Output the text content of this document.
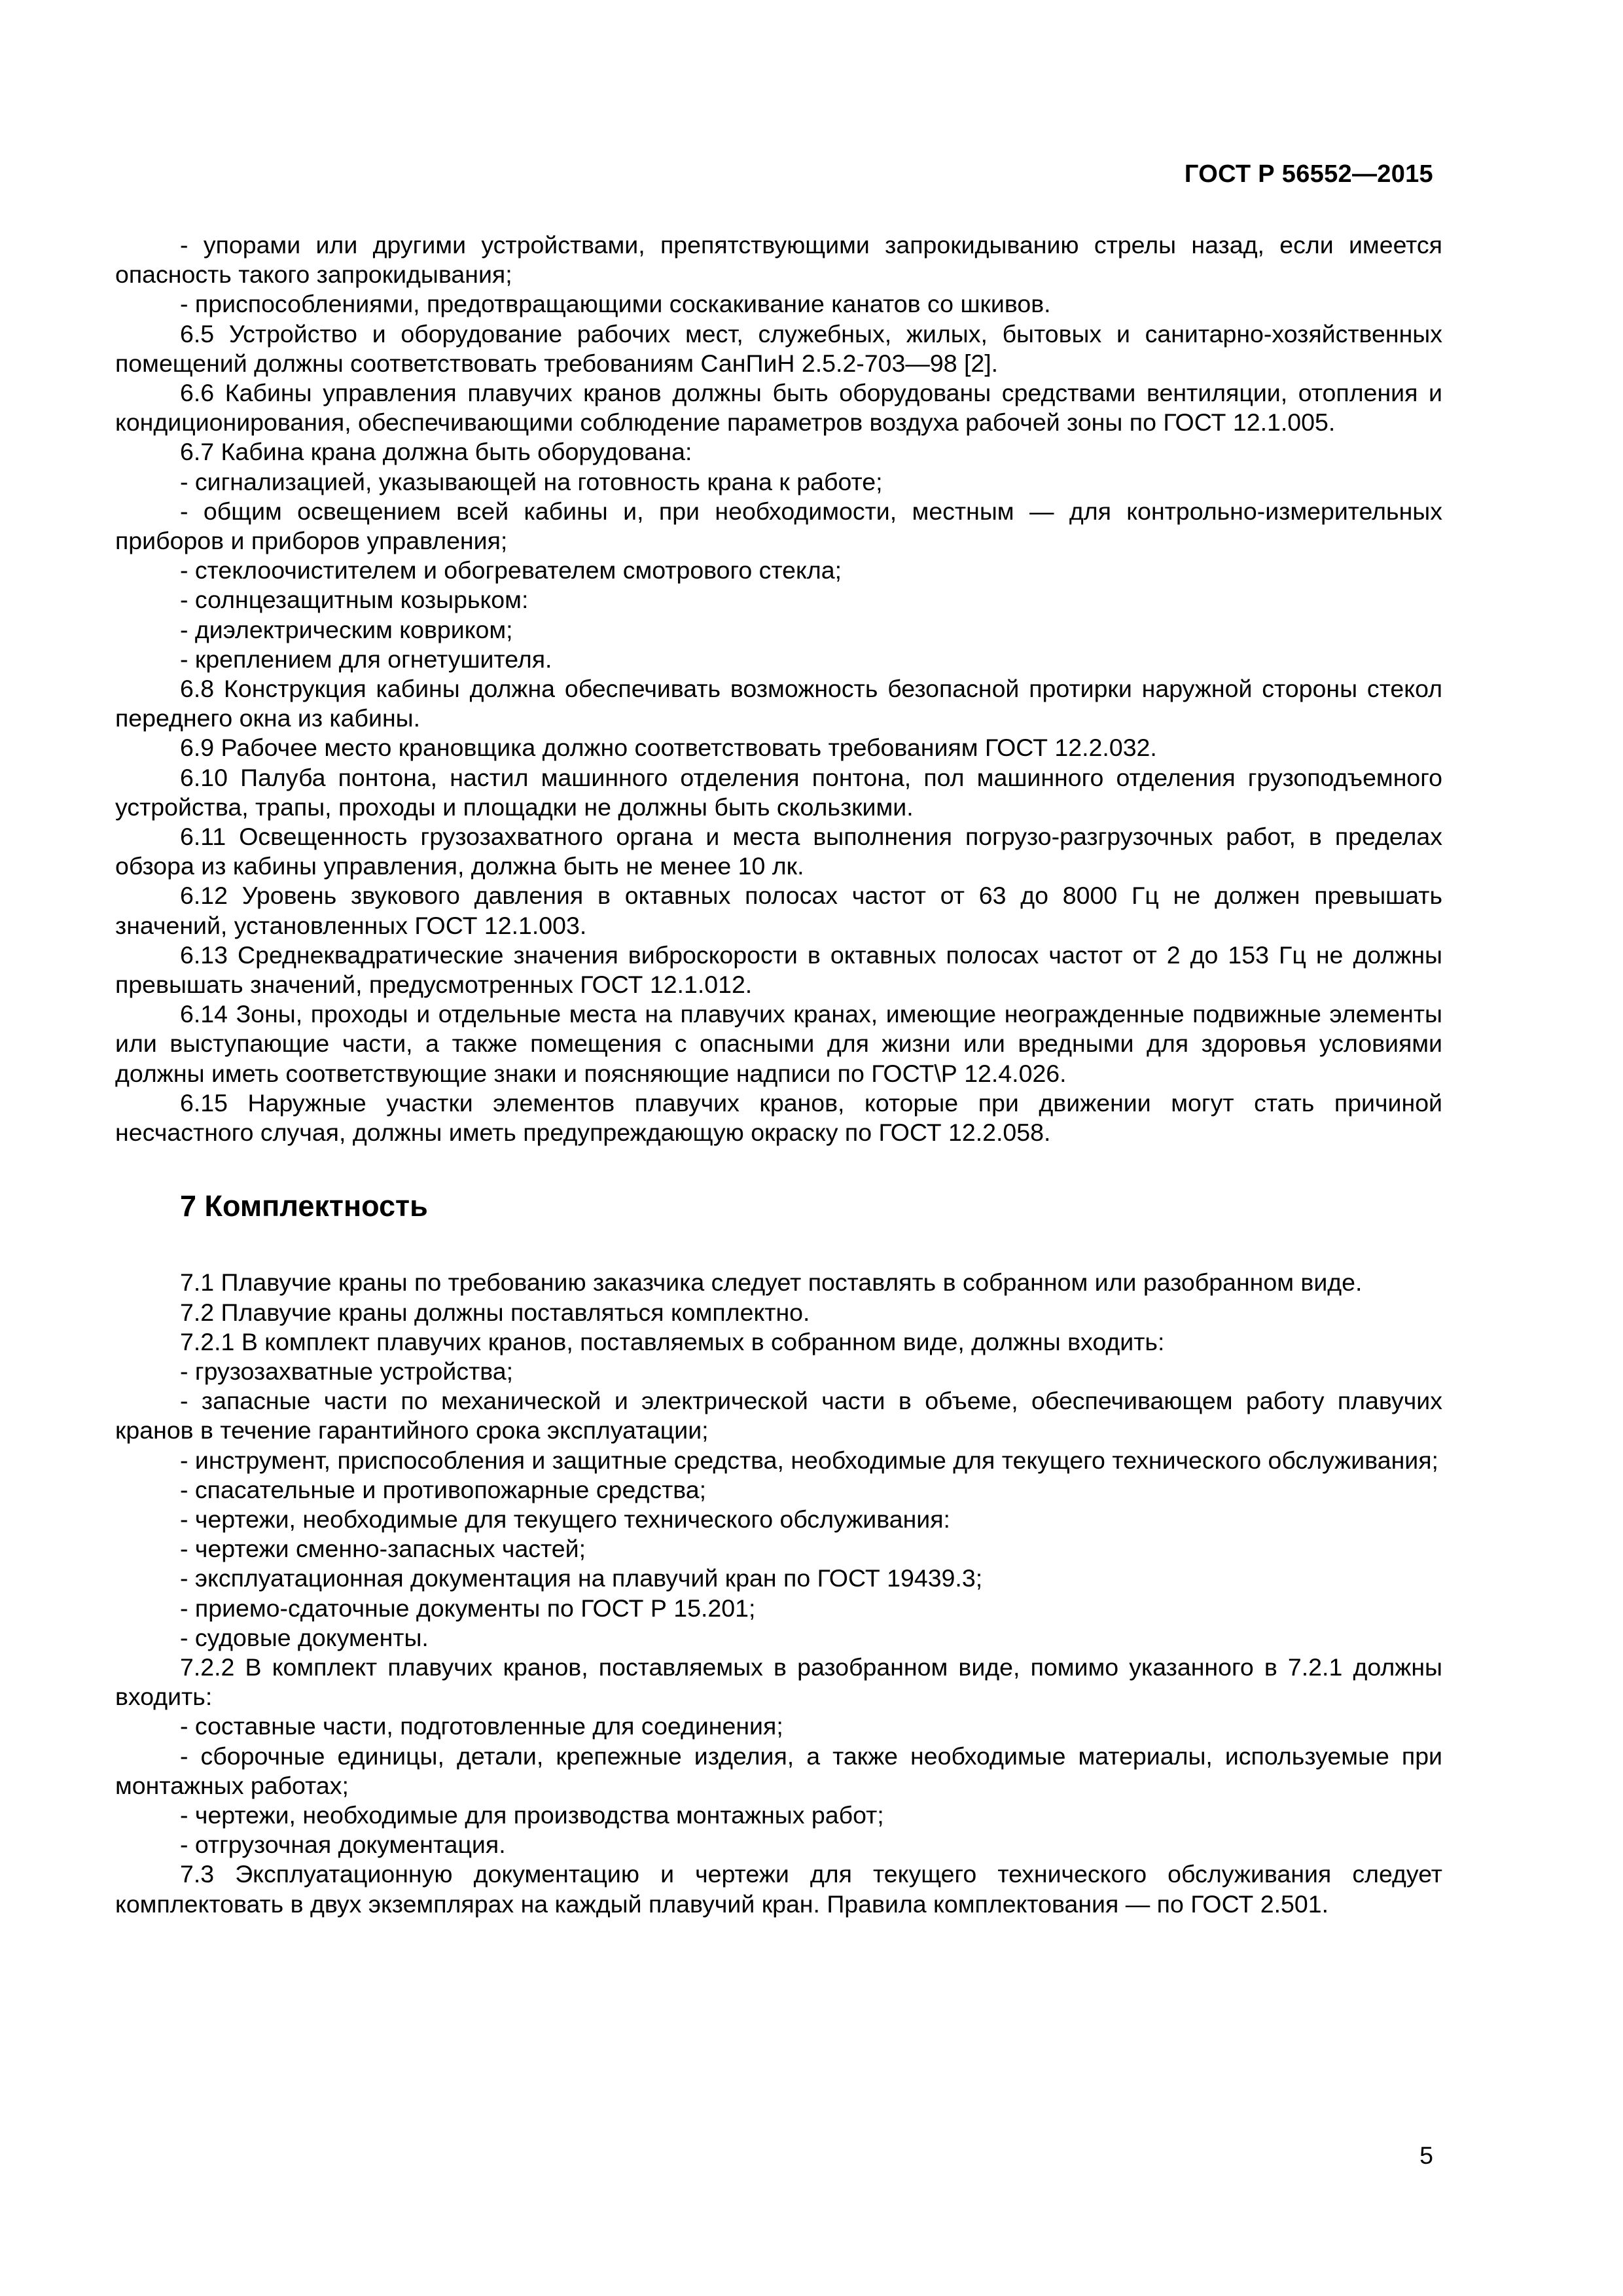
ГОСТ Р 56552—2015

- упорами или другими устройствами, препятствующими запрокидыванию стрелы назад, если имеется опасность такого запрокидывания;

- приспособлениями, предотвращающими соскакивание канатов со шкивов.

6.5 Устройство и оборудование рабочих мест, служебных, жилых, бытовых и санитарно-хозяйственных помещений должны соответствовать требованиям СанПиН 2.5.2-703—98 [2].

6.6 Кабины управления плавучих кранов должны быть оборудованы средствами вентиляции, отопления и кондиционирования, обеспечивающими соблюдение параметров воздуха рабочей зоны по ГОСТ 12.1.005.

6.7 Кабина крана должна быть оборудована:

- сигнализацией, указывающей на готовность крана к работе;

- общим освещением всей кабины и, при необходимости, местным — для контрольно-измерительных приборов и приборов управления;

- стеклоочистителем и обогревателем смотрового стекла;

- солнцезащитным козырьком:

- диэлектрическим ковриком;

- креплением для огнетушителя.

6.8 Конструкция кабины должна обеспечивать возможность безопасной протирки наружной стороны стекол переднего окна из кабины.

6.9 Рабочее место крановщика должно соответствовать требованиям ГОСТ 12.2.032.

6.10 Палуба понтона, настил машинного отделения понтона, пол машинного отделения грузоподъемного устройства, трапы, проходы и площадки не должны быть скользкими.

6.11 Освещенность грузозахватного органа и места выполнения погрузо-разгрузочных работ, в пределах обзора из кабины управления, должна быть не менее 10 лк.

6.12 Уровень звукового давления в октавных полосах частот от 63 до 8000 Гц не должен превышать значений, установленных ГОСТ 12.1.003.

6.13 Среднеквадратические значения виброскорости в октавных полосах частот от 2 до 153 Гц не должны превышать значений, предусмотренных ГОСТ 12.1.012.

6.14 Зоны, проходы и отдельные места на плавучих кранах, имеющие неогражденные подвижные элементы или выступающие части, а также помещения с опасными для жизни или вредными для здоровья условиями должны иметь соответствующие знаки и поясняющие надписи по ГОСТ\Р 12.4.026.

6.15 Наружные участки элементов плавучих кранов, которые при движении могут стать причиной несчастного случая, должны иметь предупреждающую окраску по ГОСТ 12.2.058.

7 Комплектность

7.1 Плавучие краны по требованию заказчика следует поставлять в собранном или разобранном виде.

7.2 Плавучие краны должны поставляться комплектно.

7.2.1 В комплект плавучих кранов, поставляемых в собранном виде, должны входить:

- грузозахватные устройства;

- запасные части по механической и электрической части в объеме, обеспечивающем работу плавучих кранов в течение гарантийного срока эксплуатации;

- инструмент, приспособления и защитные средства, необходимые для текущего технического обслуживания;

- спасательные и противопожарные средства;

- чертежи, необходимые для текущего технического обслуживания:

- чертежи сменно-запасных частей;

- эксплуатационная документация на плавучий кран по ГОСТ 19439.3;

- приемо-сдаточные документы по ГОСТ Р 15.201;

- судовые документы.

7.2.2 В комплект плавучих кранов, поставляемых в разобранном виде, помимо указанного в 7.2.1 должны входить:

- составные части, подготовленные для соединения;

- сборочные единицы, детали, крепежные изделия, а также необходимые материалы, используемые при монтажных работах;

- чертежи, необходимые для производства монтажных работ;

- отгрузочная документация.

7.3 Эксплуатационную документацию и чертежи для текущего технического обслуживания следует комплектовать в двух экземплярах на каждый плавучий кран. Правила комплектования — по ГОСТ 2.501.

5
